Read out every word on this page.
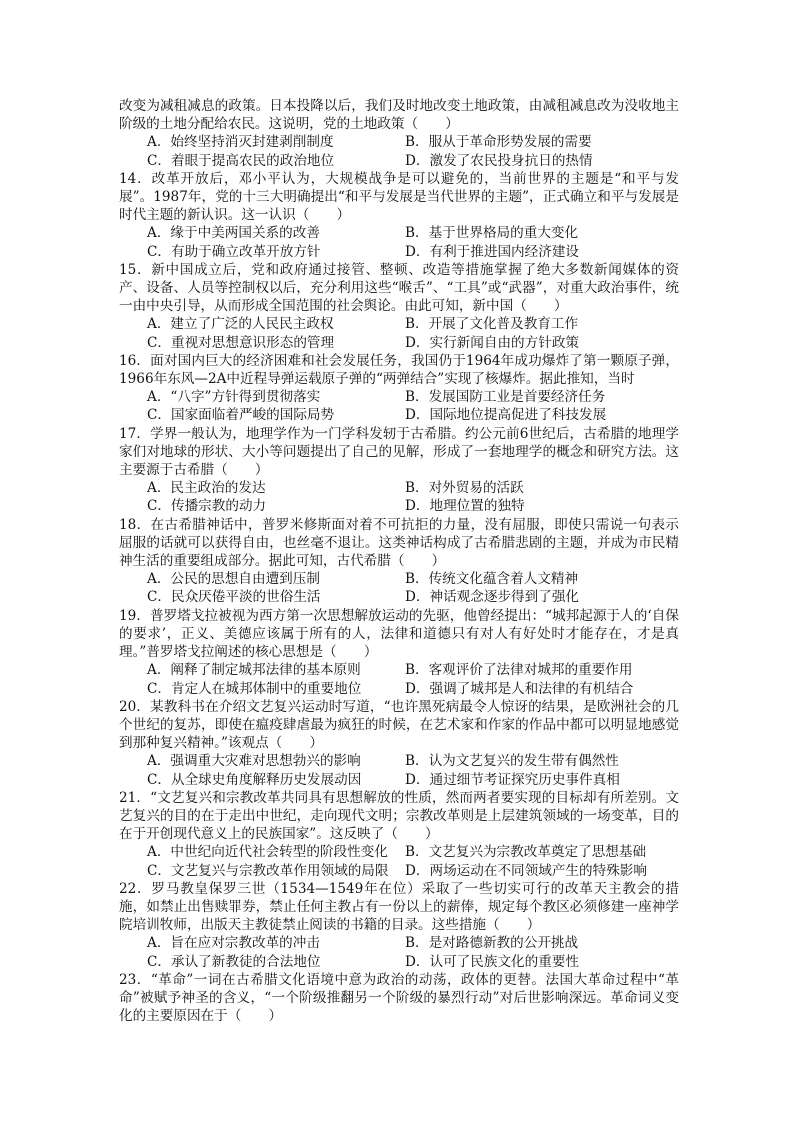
改变为减租减息的政策。日本投降以后，我们及时地改变土地政策，由减租减息改为没收地主阶级的土地分配给农民。这说明，党的土地政策（　　）

A．始终坚持消灭封建剥削制度	B．服从于革命形势发展的需要
C．着眼于提高农民的政治地位	D．激发了农民投身抗日的热情

14．改革开放后，邓小平认为，大规模战争是可以避免的，当前世界的主题是“和平与发展”。1987年，党的十三大明确提出“和平与发展是当代世界的主题”，正式确立和平与发展是时代主题的新认识。这一认识（　　）

A．缘于中美两国关系的改善	B．基于世界格局的重大变化
C．有助于确立改革开放方针	D．有利于推进国内经济建设

15．新中国成立后，党和政府通过接管、整顿、改造等措施掌握了绝大多数新闻媒体的资产、设备、人员等控制权以后，充分利用这些“喉舌”、“工具”或“武器”，对重大政治事件，统一由中央引导，从而形成全国范围的社会舆论。由此可知，新中国（　　）

A．建立了广泛的人民民主政权	B．开展了文化普及教育工作
C．重视对思想意识形态的管理	D．实行新闻自由的方针政策

16．面对国内巨大的经济困难和社会发展任务，我国仍于1964年成功爆炸了第一颗原子弹，1966年东风—2A中近程导弹运载原子弹的“两弹结合”实现了核爆炸。据此推知，当时

A．“八字”方针得到贯彻落实	B．发展国防工业是首要经济任务
C．国家面临着严峻的国际局势	D．国际地位提高促进了科技发展

17．学界一般认为，地理学作为一门学科发轫于古希腊。约公元前6世纪后，古希腊的地理学家们对地球的形状、大小等问题提出了自己的见解，形成了一套地理学的概念和研究方法。这主要源于古希腊（　　）

A．民主政治的发达	B．对外贸易的活跃
C．传播宗教的动力	D．地理位置的独特

18．在古希腊神话中，普罗米修斯面对着不可抗拒的力量，没有屈服，即使只需说一句表示屈服的话就可以获得自由，也丝毫不退让。这类神话构成了古希腊悲剧的主题，并成为市民精神生活的重要组成部分。据此可知，古代希腊（　　）

A．公民的思想自由遭到压制	B．传统文化蕴含着人文精神
C．民众厌倦平淡的世俗生活	D．神话观念逐步得到了强化

19．普罗塔戈拉被视为西方第一次思想解放运动的先驱，他曾经提出：“城邦起源于人的‘自保的要求’，正义、美德应该属于所有的人，法律和道德只有对人有好处时才能存在，才是真理。”普罗塔戈拉阐述的核心思想是（　　）

A．阐释了制定城邦法律的基本原则	B．客观评价了法律对城邦的重要作用
C．肯定人在城邦体制中的重要地位	D．强调了城邦是人和法律的有机结合

20．某教科书在介绍文艺复兴运动时写道，“也许黑死病最令人惊讶的结果，是欧洲社会的几个世纪的复苏，即使在瘟疫肆虐最为疯狂的时候，在艺术家和作家的作品中都可以明显地感觉到那种复兴精神。”该观点（　　）

A．强调重大灾难对思想勃兴的影响	B．认为文艺复兴的发生带有偶然性
C．从全球史角度解释历史发展动因	D．通过细节考证探究历史事件真相

21．“文艺复兴和宗教改革共同具有思想解放的性质，然而两者要实现的目标却有所差别。文艺复兴的目的在于走出中世纪，走向现代文明；宗教改革则是上层建筑领域的一场变革，目的在于开创现代意义上的民族国家”。这反映了（　　）

A．中世纪向近代社会转型的阶段性变化	B．文艺复兴为宗教改革奠定了思想基础
C．文艺复兴与宗教改革作用领域的局限	D．两场运动在不同领域产生的特殊影响

22．罗马教皇保罗三世（1534—1549年在位）采取了一些切实可行的改革天主教会的措施，如禁止出售赎罪券，禁止任何主教占有一份以上的薪俸，规定每个教区必须修建一座神学院培训牧师，出版天主教徒禁止阅读的书籍的目录。这些措施（　　）

A．旨在应对宗教改革的冲击	B．是对路德新教的公开挑战
C．承认了新教徒的合法地位	D．认可了民族文化的重要性

23．“革命”一词在古希腊文化语境中意为政治的动荡，政体的更替。法国大革命过程中“革命”被赋予神圣的含义，“一个阶级推翻另一个阶级的暴烈行动”对后世影响深远。革命词义变化的主要原因在于（　　）
